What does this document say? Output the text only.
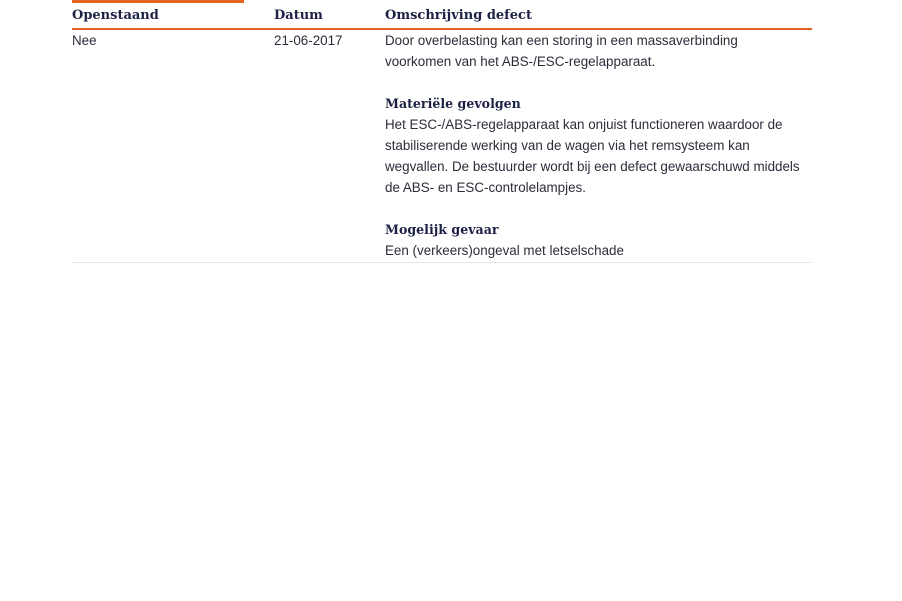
Openstaand	Datum	Omschrijving defect
Nee	21-06-2017	Door overbelasting kan een storing in een massaverbinding voorkomen van het ABS-/ESC-regelapparaat.

Materiële gevolgen

Het ESC-/ABS-regelapparaat kan onjuist functioneren waardoor de stabiliserende werking van de wagen via het remsysteem kan wegvallen. De bestuurder wordt bij een defect gewaarschuwd middels de ABS- en ESC-controlelampjes.

Mogelijk gevaar

Een (verkeers)ongeval met letselschade
